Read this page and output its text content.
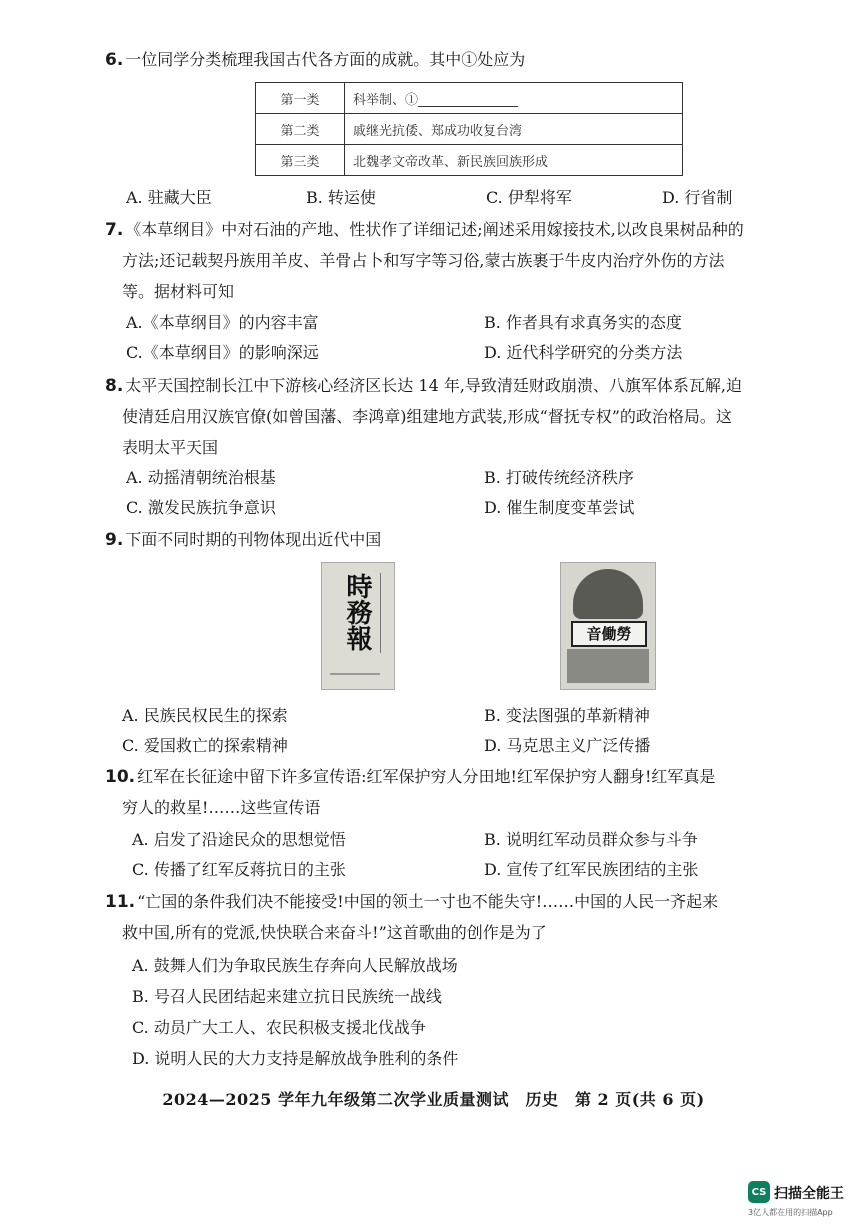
6. 一位同学分类梳理我国古代各方面的成就。其中①处应为
第一类	科举制、①
第二类	戚继光抗倭、郑成功收复台湾
第三类	北魏孝文帝改革、新民族回族形成
A. 驻藏大臣	B. 转运使	C. 伊犁将军	D. 行省制
7. 《本草纲目》中对石油的产地、性状作了详细记述;阐述采用嫁接技术,以改良果树品种的
方法;还记载契丹族用羊皮、羊骨占卜和写字等习俗,蒙古族裹于牛皮内治疗外伤的方法
等。据材料可知
A.《本草纲目》的内容丰富	B. 作者具有求真务实的态度
C.《本草纲目》的影响深远	D. 近代科学研究的分类方法
8. 太平天国控制长江中下游核心经济区长达 14 年,导致清廷财政崩溃、八旗军体系瓦解,迫
使清廷启用汉族官僚(如曾国藩、李鸿章)组建地方武装,形成“督抚专权”的政治格局。这
表明太平天国
A. 动摇清朝统治根基	B. 打破传统经济秩序
C. 激发民族抗争意识	D. 催生制度变革尝试
9. 下面不同时期的刊物体现出近代中国
時務報	音働勞
A. 民族民权民生的探索	B. 变法图强的革新精神
C. 爱国救亡的探索精神	D. 马克思主义广泛传播
10. 红军在长征途中留下许多宣传语:红军保护穷人分田地!红军保护穷人翻身!红军真是
穷人的救星!……这些宣传语
A. 启发了沿途民众的思想觉悟	B. 说明红军动员群众参与斗争
C. 传播了红军反蒋抗日的主张	D. 宣传了红军民族团结的主张
11. “亡国的条件我们决不能接受!中国的领土一寸也不能失守!……中国的人民一齐起来
救中国,所有的党派,快快联合来奋斗!”这首歌曲的创作是为了
A. 鼓舞人们为争取民族生存奔向人民解放战场
B. 号召人民团结起来建立抗日民族统一战线
C. 动员广大工人、农民积极支援北伐战争
D. 说明人民的大力支持是解放战争胜利的条件
2024—2025 学年九年级第二次学业质量测试　历史　第 2 页(共 6 页)
CS 扫描全能王
3亿人都在用的扫描App
